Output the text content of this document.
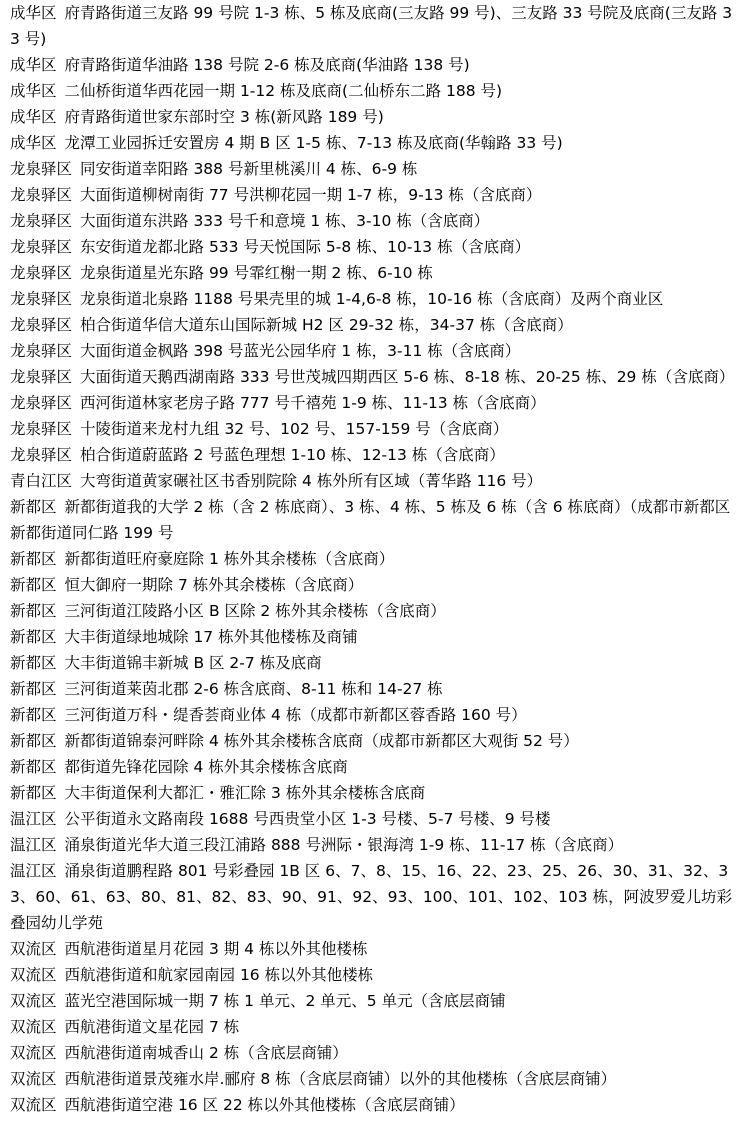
成华区 府青路街道三友路 99 号院 1-3 栋、5 栋及底商(三友路 99 号)、三友路 33 号院及底商(三友路 33 号)

成华区 府青路街道华油路 138 号院 2-6 栋及底商(华油路 138 号)

成华区 二仙桥街道华西花园一期 1-12 栋及底商(二仙桥东二路 188 号)

成华区 府青路街道世家东部时空 3 栋(新风路 189 号)

成华区 龙潭工业园拆迁安置房 4 期 B 区 1-5 栋、7-13 栋及底商(华翰路 33 号)

龙泉驿区 同安街道幸阳路 388 号新里桃溪川 4 栋、6-9 栋

龙泉驿区 大面街道柳树南街 77 号洪柳花园一期 1-7 栋，9-13 栋（含底商）

龙泉驿区 大面街道东洪路 333 号千和意境 1 栋、3-10 栋（含底商）

龙泉驿区 东安街道龙都北路 533 号天悦国际 5-8 栋、10-13 栋（含底商）

龙泉驿区 龙泉街道星光东路 99 号霏红榭一期 2 栋、6-10 栋

龙泉驿区 龙泉街道北泉路 1188 号果壳里的城 1-4,6-8 栋，10-16 栋（含底商）及两个商业区

龙泉驿区 柏合街道华信大道东山国际新城 H2 区 29-32 栋，34-37 栋（含底商）

龙泉驿区 大面街道金枫路 398 号蓝光公园华府 1 栋，3-11 栋（含底商）

龙泉驿区 大面街道天鹅西湖南路 333 号世茂城四期西区 5-6 栋、8-18 栋、20-25 栋、29 栋（含底商）

龙泉驿区 西河街道林家老房子路 777 号千禧苑 1-9 栋、11-13 栋（含底商）

龙泉驿区 十陵街道来龙村九组 32 号、102 号、157-159 号（含底商）

龙泉驿区 柏合街道蔚蓝路 2 号蓝色理想 1-10 栋、12-13 栋（含底商）

青白江区 大弯街道黄家碾社区书香别院除 4 栋外所有区域（菁华路 116 号）

新都区 新都街道我的大学 2 栋（含 2 栋底商）、3 栋、4 栋、5 栋及 6 栋（含 6 栋底商）（成都市新都区新都街道同仁路 199 号

新都区 新都街道旺府豪庭除 1 栋外其余楼栋（含底商）

新都区 恒大御府一期除 7 栋外其余楼栋（含底商）

新都区 三河街道江陵路小区 B 区除 2 栋外其余楼栋（含底商）

新都区 大丰街道绿地城除 17 栋外其他楼栋及商铺

新都区 大丰街道锦丰新城 B 区 2-7 栋及底商

新都区 三河街道莱茵北郡 2-6 栋含底商、8-11 栋和 14-27 栋

新都区 三河街道万科・缇香荟商业体 4 栋（成都市新都区蓉香路 160 号）

新都区 新都街道锦泰河畔除 4 栋外其余楼栋含底商（成都市新都区大观街 52 号）

新都区 都街道先锋花园除 4 栋外其余楼栋含底商

新都区 大丰街道保利大都汇・雅汇除 3 栋外其余楼栋含底商

温江区 公平街道永文路南段 1688 号西贵堂小区 1-3 号楼、5-7 号楼、9 号楼

温江区 涌泉街道光华大道三段江浦路 888 号洲际・银海湾 1-9 栋、11-17 栋（含底商）

温江区 涌泉街道鹏程路 801 号彩叠园 1B 区 6、7、8、15、16、22、23、25、26、30、31、32、33、60、61、63、80、81、82、83、90、91、92、93、100、101、102、103 栋，阿波罗爱儿坊彩叠园幼儿学苑

双流区 西航港街道星月花园 3 期 4 栋以外其他楼栋

双流区 西航港街道和航家园南园 16 栋以外其他楼栋

双流区 蓝光空港国际城一期 7 栋 1 单元、2 单元、5 单元（含底层商铺

双流区 西航港街道文星花园 7 栋

双流区 西航港街道南城香山 2 栋（含底层商铺）

双流区 西航港街道景茂雍水岸.郦府 8 栋（含底层商铺）以外的其他楼栋（含底层商铺）

双流区 西航港街道空港 16 区 22 栋以外其他楼栋（含底层商铺）
